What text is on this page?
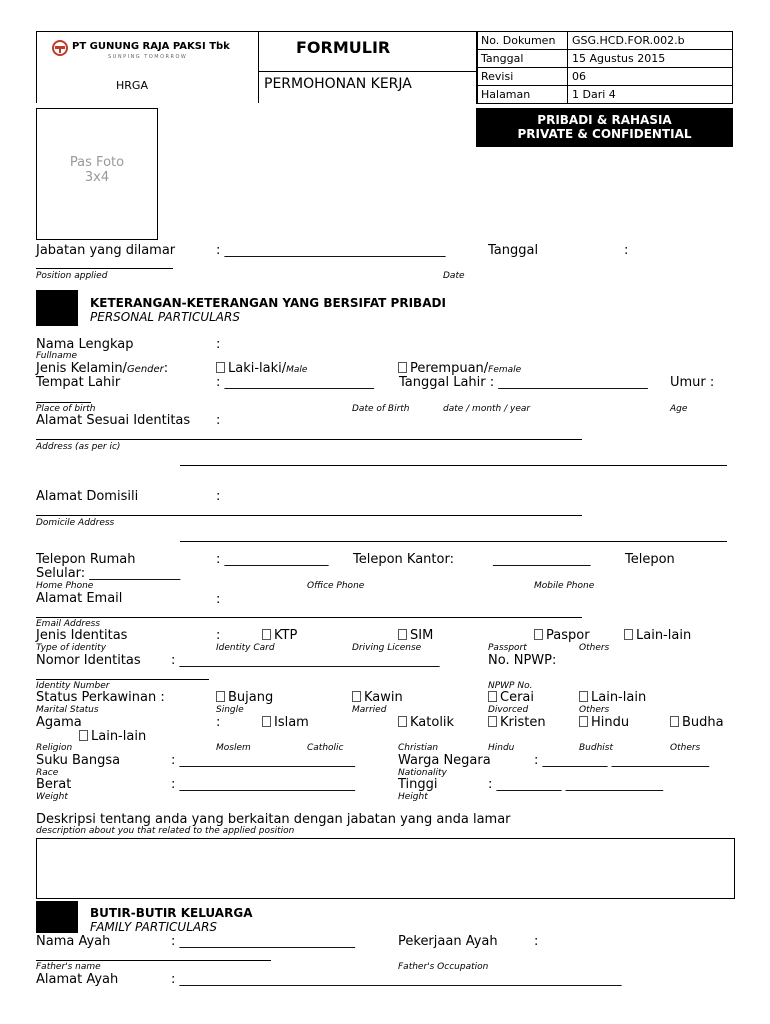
PT GUNUNG RAJA PAKSI Tbk
SUNPING TOMORROW
HRGA
FORMULIR
PERMOHONAN KERJA
No. Dokumen	GSG.HCD.FOR.002.b
Tanggal	15 Agustus 2015
Revisi	06
Halaman	1 Dari 4
PRIBADI & RAHASIA
PRIVATE & CONFIDENTIAL
Pas Foto
3x4
Jabatan yang dilamar	: __________________________________	Tanggal	:
Position applied	Date
KETERANGAN-KETERANGAN YANG BERSIFAT PRIBADI
PERSONAL PARTICULARS
Nama Lengkap	:
Fullname
Jenis Kelamin/Gender:	Laki-laki/Male	Perempuan/Female
Tempat Lahir	: _______________________ Tanggal Lahir : _______________________ Umur :
Place of birth	Date of Birth	date / month / year	Age
Alamat Sesuai Identitas :
Address (as per ic)
Alamat Domisili	:
Domicile Address
Telepon Rumah	: ________________ Telepon Kantor:	_______________	Telepon
Selular: ______________
Home Phone	Office Phone	Mobile Phone
Alamat Email	:
Email Address
Jenis Identitas	:	KTP	SIM	Paspor	Lain-lain
Type of identity	Identity Card	Driving License	Passport	Others
Nomor Identitas : ________________________________________	No. NPWP:
Identity Number	NPWP No.
Status Perkawinan :	Bujang	Kawin	Cerai	Lain-lain
Marital Status	Single	Married	Divorced	Others
Agama	:	Islam	Katolik	Kristen	Hindu	Budha
Lain-lain
Religion	Moslem	Catholic	Christian	Hindu	Budhist	Others
Suku Bangsa	: ___________________________	Warga Negara	: __________ _______________
Race	Nationality
Berat	: ___________________________	Tinggi	: __________ _______________
Weight	Height
Deskripsi tentang anda yang berkaitan dengan jabatan yang anda lamar
description about you that related to the applied position
BUTIR-BUTIR KELUARGA
FAMILY PARTICULARS
Nama Ayah	: ___________________________	Pekerjaan Ayah	:
Father's name	Father's Occupation
Alamat Ayah	: ____________________________________________________________________
